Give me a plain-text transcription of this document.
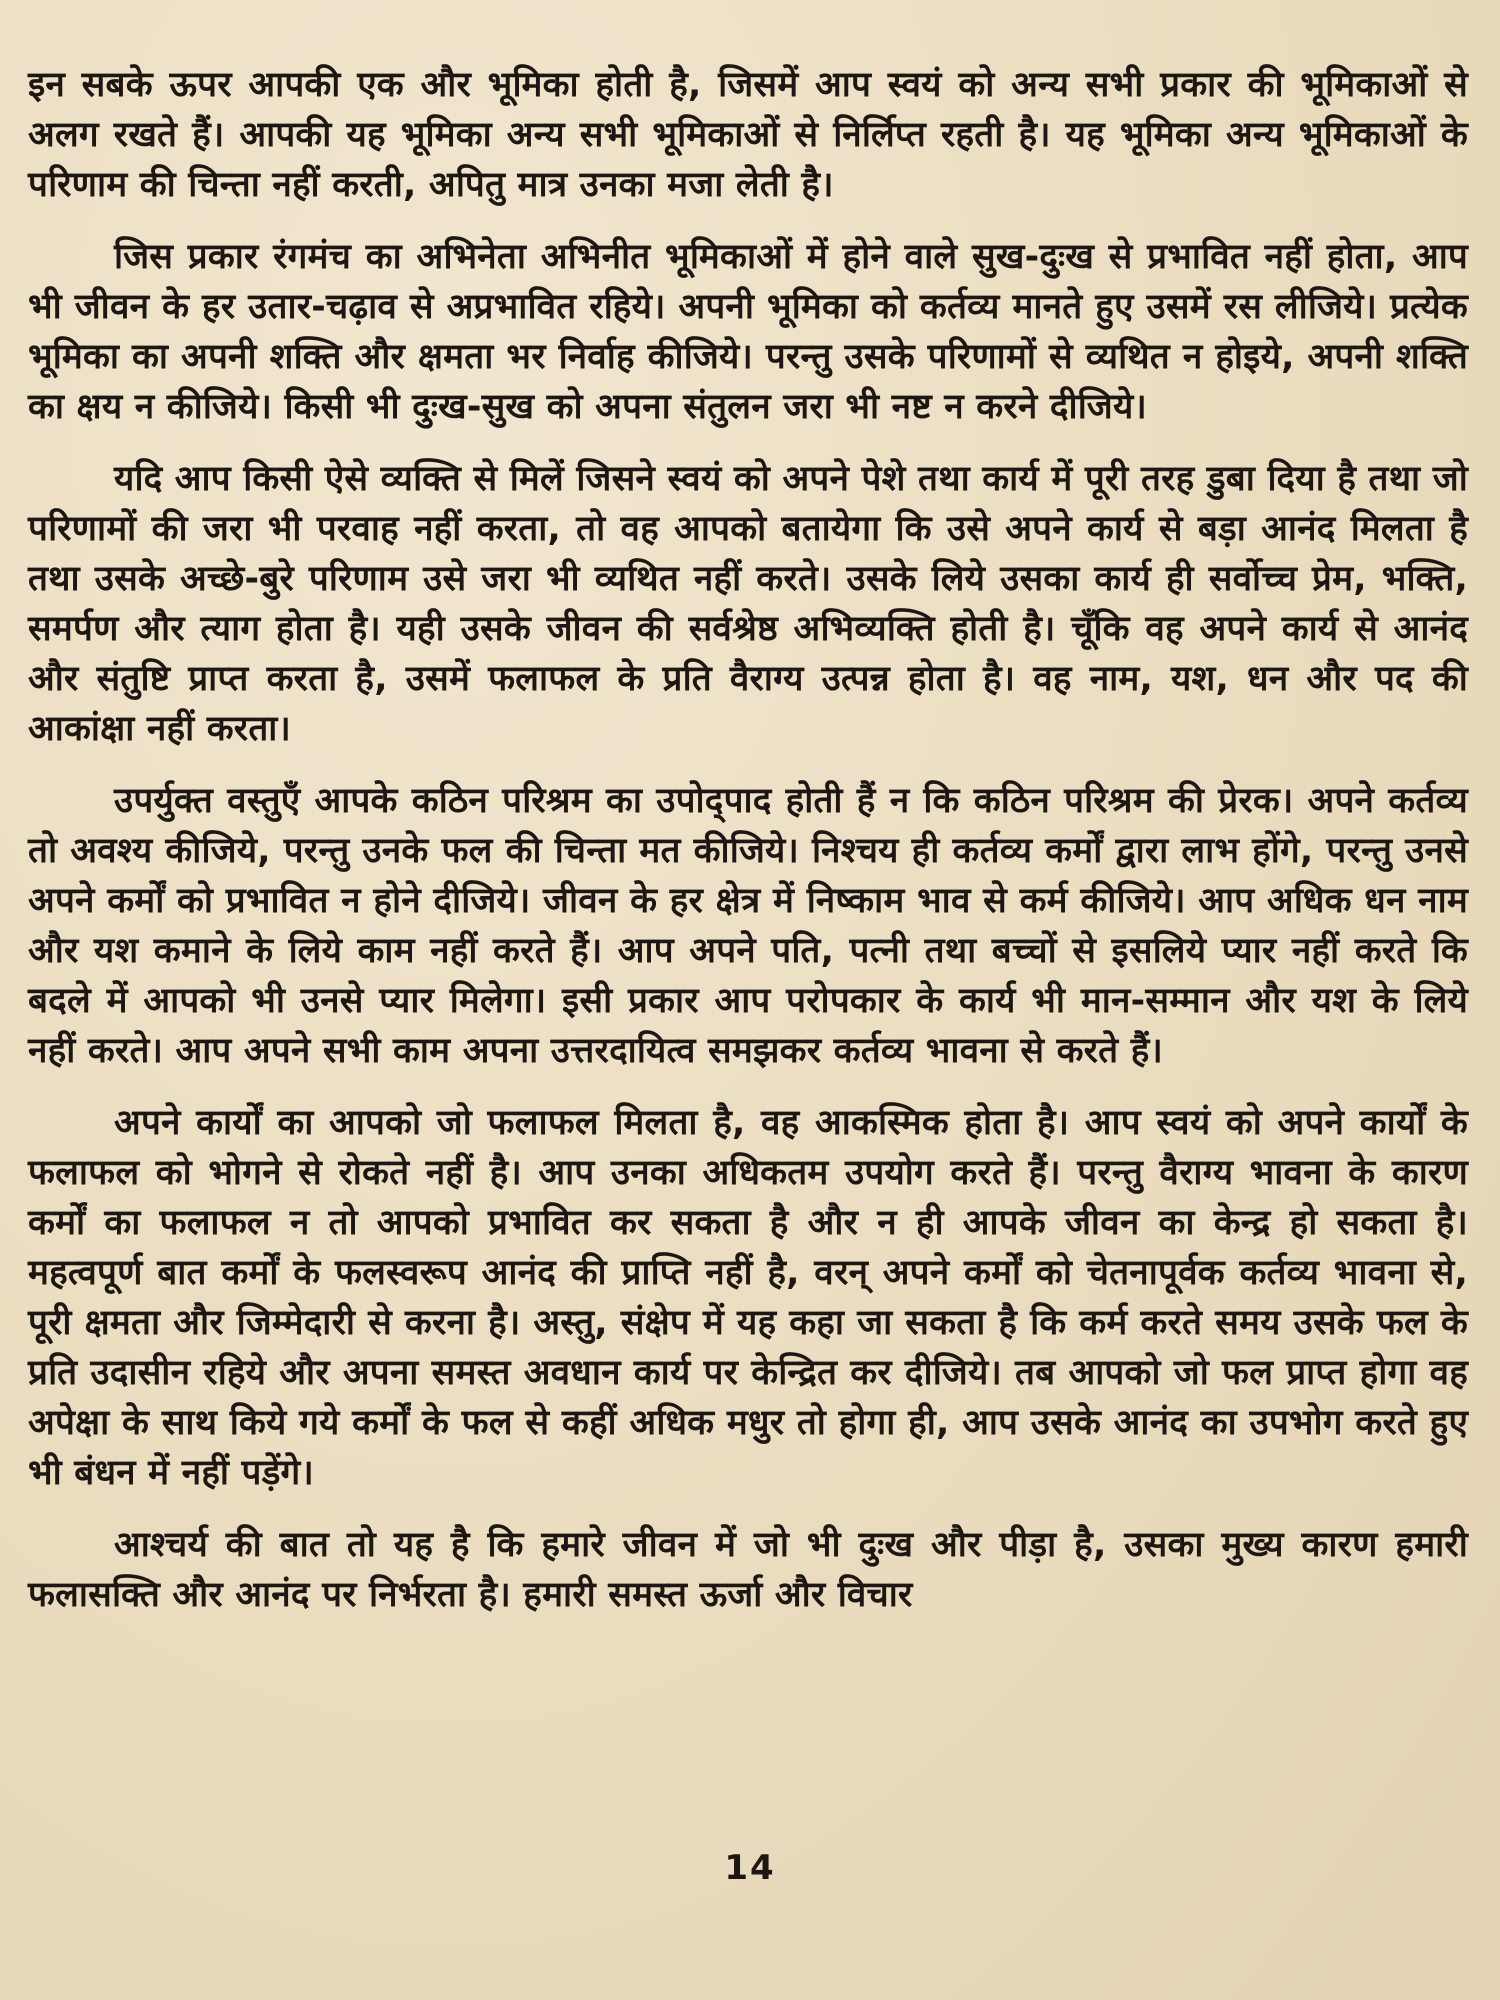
इन सबके ऊपर आपकी एक और भूमिका होती है, जिसमें आप स्वयं को अन्य सभी प्रकार की भूमिकाओं से अलग रखते हैं। आपकी यह भूमिका अन्य सभी भूमिकाओं से निर्लिप्त रहती है। यह भूमिका अन्य भूमिकाओं के परिणाम की चिन्ता नहीं करती, अपितु मात्र उनका मजा लेती है।

जिस प्रकार रंगमंच का अभिनेता अभिनीत भूमिकाओं में होने वाले सुख-दुःख से प्रभावित नहीं होता, आप भी जीवन के हर उतार-चढ़ाव से अप्रभावित रहिये। अपनी भूमिका को कर्तव्य मानते हुए उसमें रस लीजिये। प्रत्येक भूमिका का अपनी शक्ति और क्षमता भर निर्वाह कीजिये। परन्तु उसके परिणामों से व्यथित न होइये, अपनी शक्ति का क्षय न कीजिये। किसी भी दुःख-सुख को अपना संतुलन जरा भी नष्ट न करने दीजिये।

यदि आप किसी ऐसे व्यक्ति से मिलें जिसने स्वयं को अपने पेशे तथा कार्य में पूरी तरह डुबा दिया है तथा जो परिणामों की जरा भी परवाह नहीं करता, तो वह आपको बतायेगा कि उसे अपने कार्य से बड़ा आनंद मिलता है तथा उसके अच्छे-बुरे परिणाम उसे जरा भी व्यथित नहीं करते। उसके लिये उसका कार्य ही सर्वोच्च प्रेम, भक्ति, समर्पण और त्याग होता है। यही उसके जीवन की सर्वश्रेष्ठ अभिव्यक्ति होती है। चूँकि वह अपने कार्य से आनंद और संतुष्टि प्राप्त करता है, उसमें फलाफल के प्रति वैराग्य उत्पन्न होता है। वह नाम, यश, धन और पद की आकांक्षा नहीं करता।

उपर्युक्त वस्तुएँ आपके कठिन परिश्रम का उपोद्‌पाद होती हैं न कि कठिन परिश्रम की प्रेरक। अपने कर्तव्य तो अवश्य कीजिये, परन्तु उनके फल की चिन्ता मत कीजिये। निश्चय ही कर्तव्य कर्मों द्वारा लाभ होंगे, परन्तु उनसे अपने कर्मों को प्रभावित न होने दीजिये। जीवन के हर क्षेत्र में निष्काम भाव से कर्म कीजिये। आप अधिक धन नाम और यश कमाने के लिये काम नहीं करते हैं। आप अपने पति, पत्नी तथा बच्चों से इसलिये प्यार नहीं करते कि बदले में आपको भी उनसे प्यार मिलेगा। इसी प्रकार आप परोपकार के कार्य भी मान-सम्मान और यश के लिये नहीं करते। आप अपने सभी काम अपना उत्तरदायित्व समझकर कर्तव्य भावना से करते हैं।

अपने कार्यों का आपको जो फलाफल मिलता है, वह आकस्मिक होता है। आप स्वयं को अपने कार्यों के फलाफल को भोगने से रोकते नहीं है। आप उनका अधिकतम उपयोग करते हैं। परन्तु वैराग्य भावना के कारण कर्मों का फलाफल न तो आपको प्रभावित कर सकता है और न ही आपके जीवन का केन्द्र हो सकता है। महत्वपूर्ण बात कर्मों के फलस्वरूप आनंद की प्राप्ति नहीं है, वरन् अपने कर्मों को चेतनापूर्वक कर्तव्य भावना से, पूरी क्षमता और जिम्मेदारी से करना है। अस्तु, संक्षेप में यह कहा जा सकता है कि कर्म करते समय उसके फल के प्रति उदासीन रहिये और अपना समस्त अवधान कार्य पर केन्द्रित कर दीजिये। तब आपको जो फल प्राप्त होगा वह अपेक्षा के साथ किये गये कर्मों के फल से कहीं अधिक मधुर तो होगा ही, आप उसके आनंद का उपभोग करते हुए भी बंधन में नहीं पड़ेंगे।

आश्चर्य की बात तो यह है कि हमारे जीवन में जो भी दुःख और पीड़ा है, उसका मुख्य कारण हमारी फलासक्ति और आनंद पर निर्भरता है। हमारी समस्त ऊर्जा और विचार

14
